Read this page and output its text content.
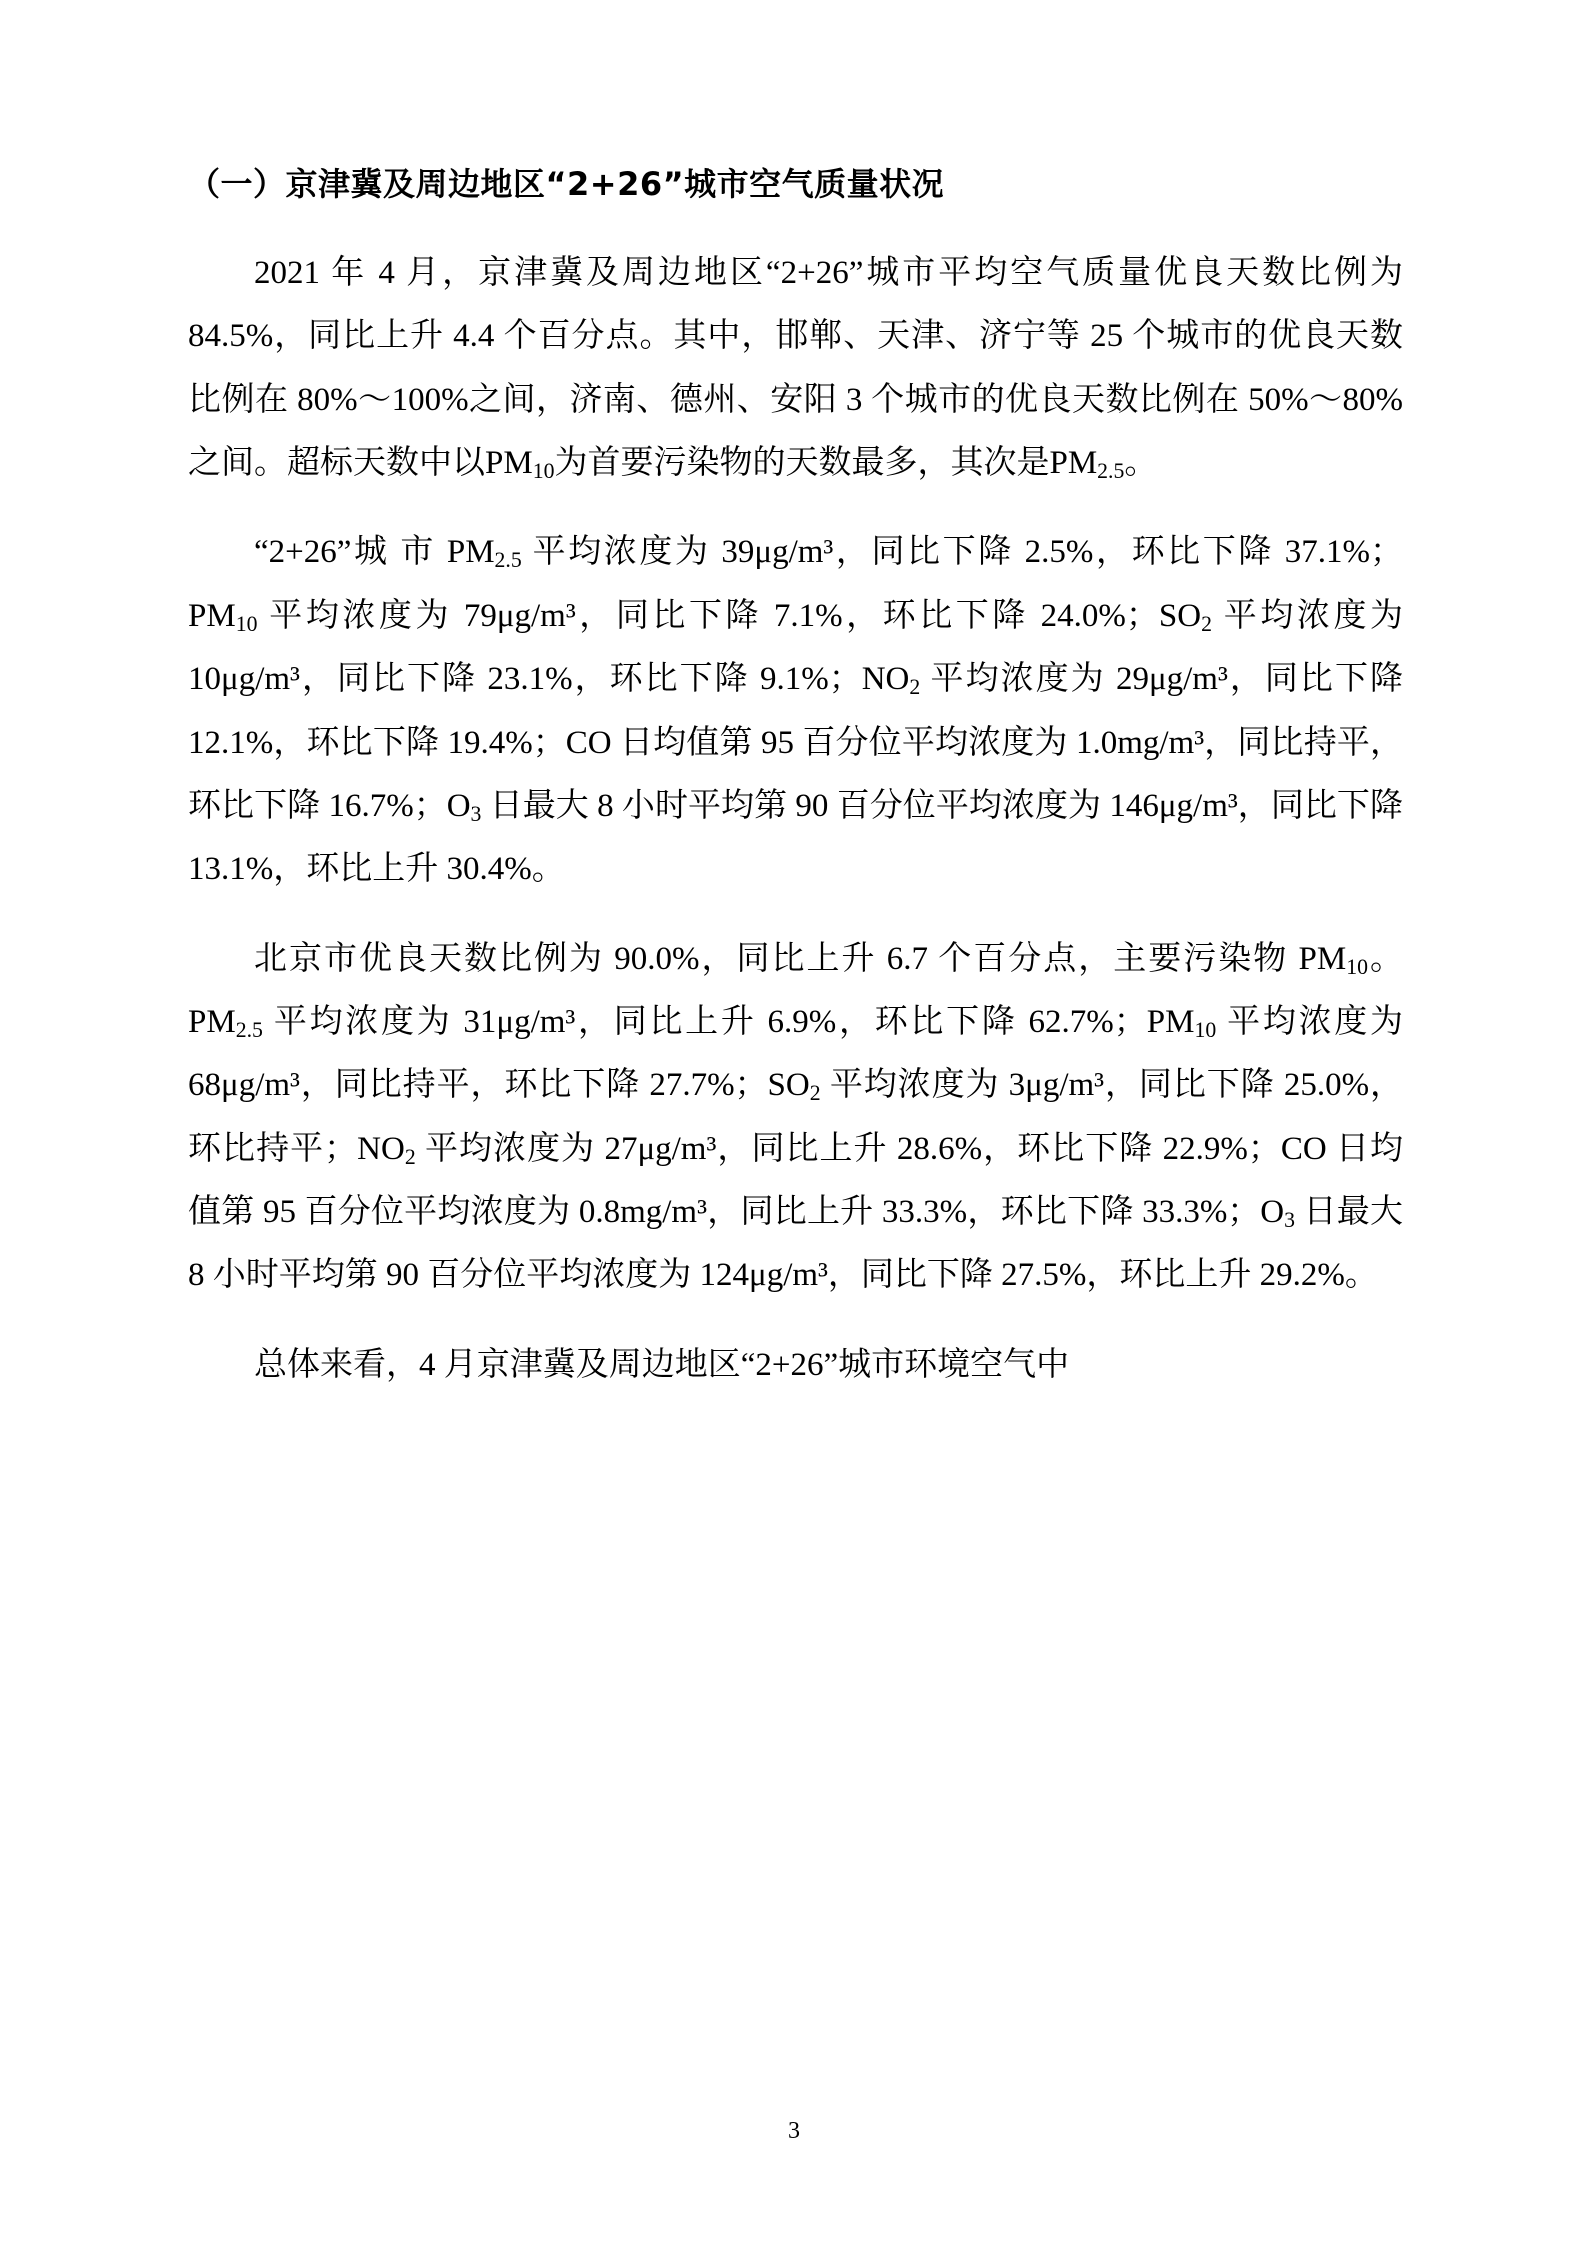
（一）京津冀及周边地区“2+26”城市空气质量状况

2021 年 4 月，京津冀及周边地区“2+26”城市平均空气质量优良天数比例为 84.5%，同比上升 4.4 个百分点。其中，邯郸、天津、济宁等 25 个城市的优良天数比例在 80%～100%之间，济南、德州、安阳 3 个城市的优良天数比例在 50%～80%之间。超标天数中以$PM_{10}$为首要污染物的天数最多，其次是$PM_{2.5}$。

“2+26”城 市 $PM_{2.5}$ 平均浓度为 39μg/m³，同比下降 2.5%，环比下降 37.1%；$PM_{10}$ 平均浓度为 79μg/m³，同比下降 7.1%，环比下降 24.0%；$SO_2$ 平均浓度为 10μg/m³，同比下降 23.1%，环比下降 9.1%；$NO_2$ 平均浓度为 29μg/m³，同比下降 12.1%，环比下降 19.4%；CO 日均值第 95 百分位平均浓度为 1.0mg/m³，同比持平，环比下降 16.7%；$O_3$ 日最大 8 小时平均第 90 百分位平均浓度为 146μg/m³，同比下降 13.1%，环比上升 30.4%。

北京市优良天数比例为 90.0%，同比上升 6.7 个百分点，主要污染物 $PM_{10}$。$PM_{2.5}$ 平均浓度为 31μg/m³，同比上升 6.9%，环比下降 62.7%；$PM_{10}$ 平均浓度为 68μg/m³，同比持平，环比下降 27.7%；$SO_2$ 平均浓度为 3μg/m³，同比下降 25.0%，环比持平；$NO_2$ 平均浓度为 27μg/m³，同比上升 28.6%，环比下降 22.9%；CO 日均值第 95 百分位平均浓度为 0.8mg/m³，同比上升 33.3%，环比下降 33.3%；$O_3$ 日最大 8 小时平均第 90 百分位平均浓度为 124μg/m³，同比下降 27.5%，环比上升 29.2%。

总体来看，4 月京津冀及周边地区“2+26”城市环境空气中

3
